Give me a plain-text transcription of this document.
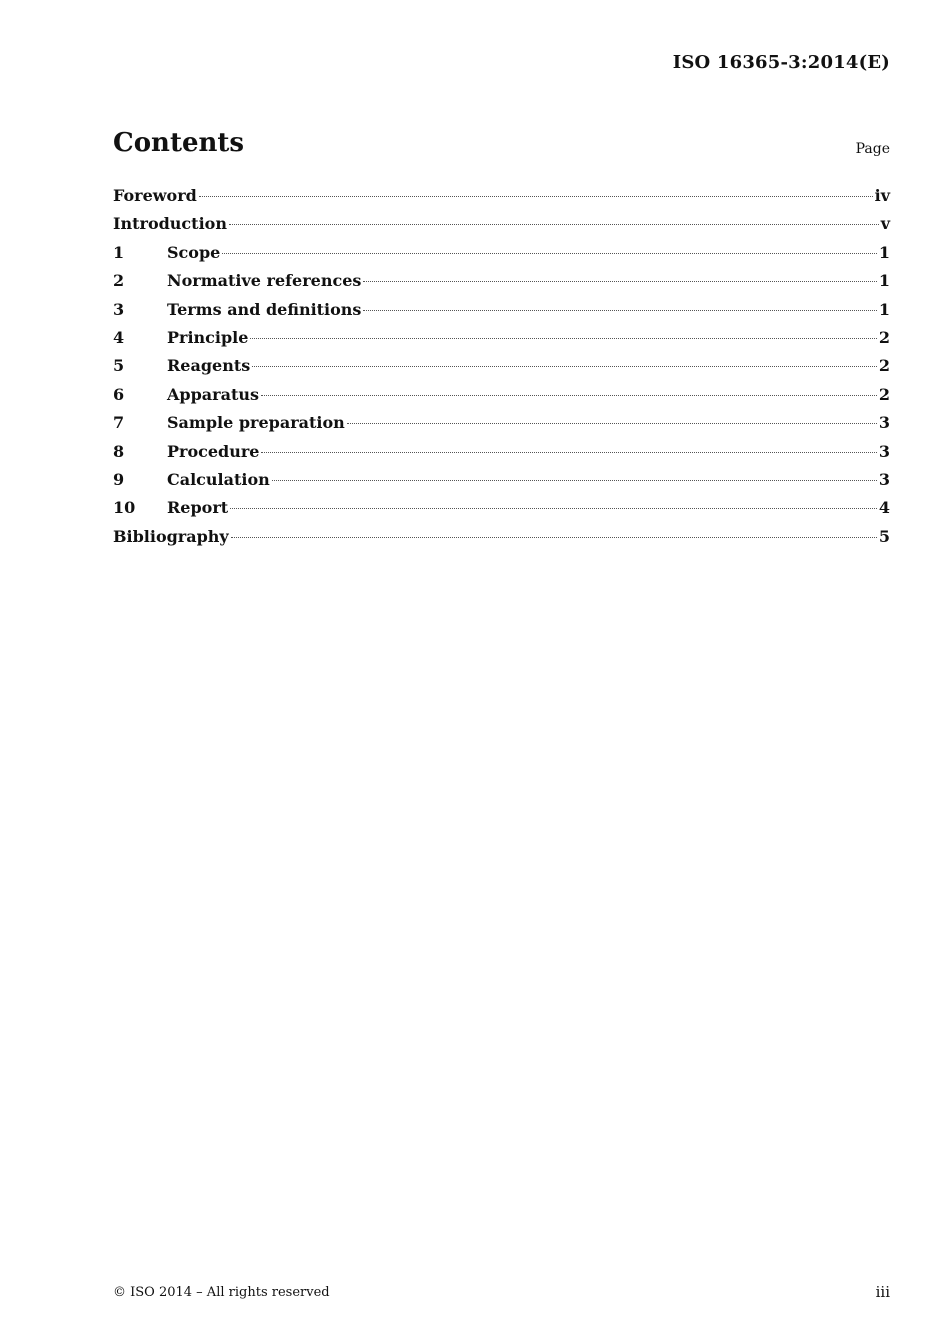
ISO 16365-3:2014(E)
Contents	Page
Foreword	iv
Introduction	v
1	Scope	1
2	Normative references	1
3	Terms and definitions	1
4	Principle	2
5	Reagents	2
6	Apparatus	2
7	Sample preparation	3
8	Procedure	3
9	Calculation	3
10	Report	4
Bibliography	5
© ISO 2014 – All rights reserved	iii
